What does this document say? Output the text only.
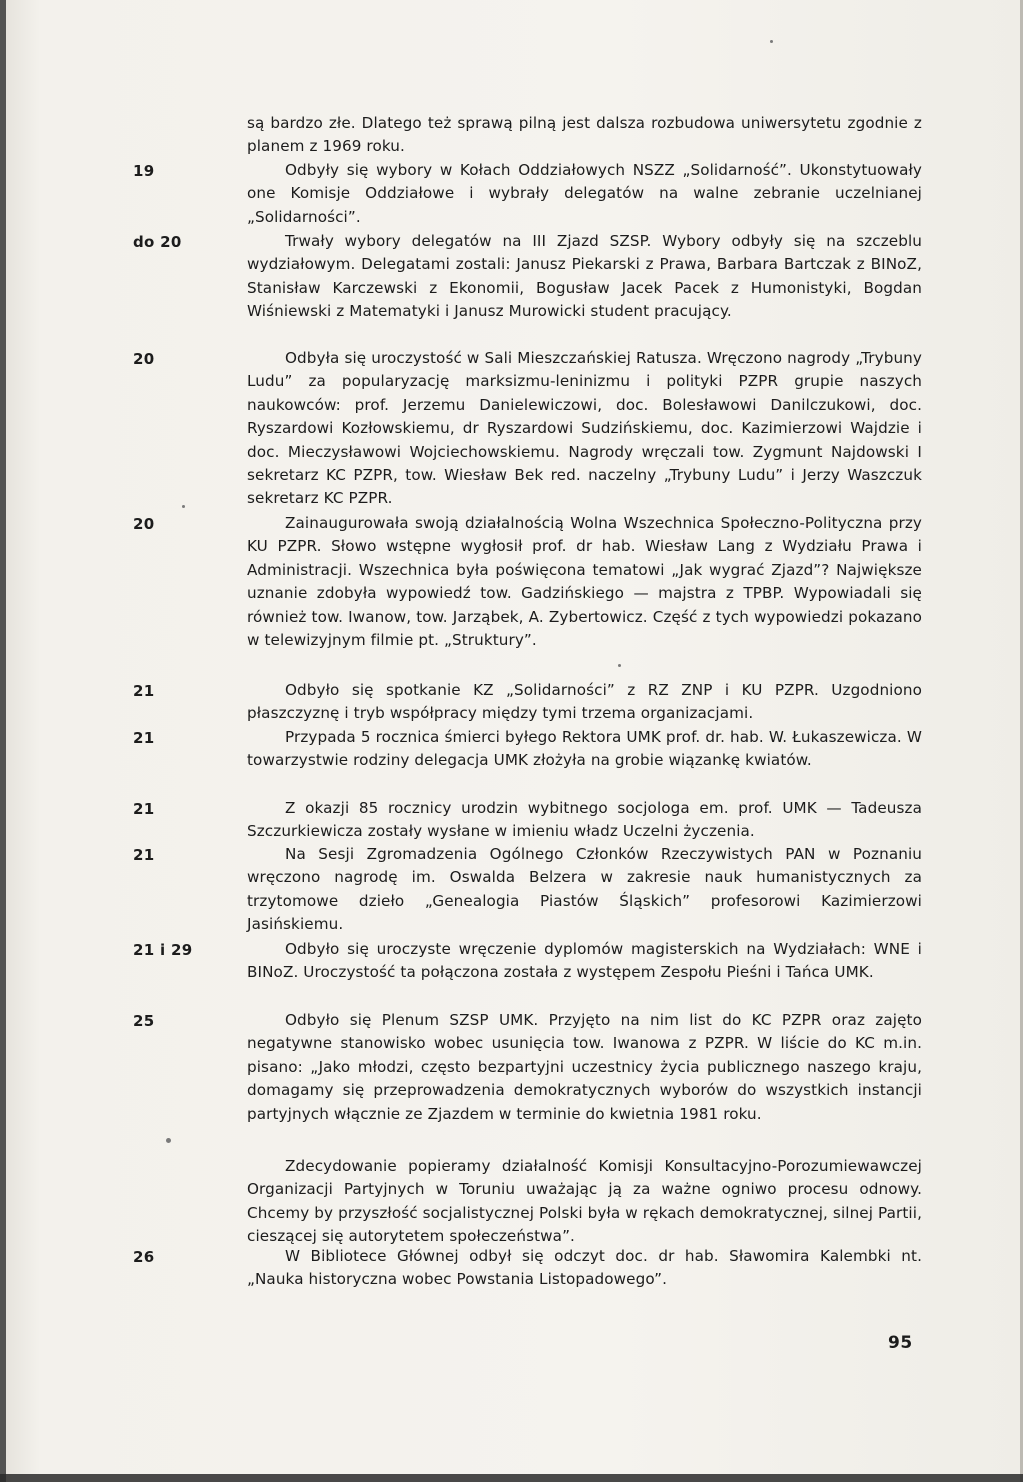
są bardzo złe. Dlatego też sprawą pilną jest dalsza rozbudowa uniwersytetu zgodnie z planem z 1969 roku.
19	Odbyły się wybory w Kołach Oddziałowych NSZZ „Solidarność”. Ukonstytuowały one Komisje Oddziałowe i wybrały delegatów na walne zebranie uczelnianej „Solidarności”.
do 20	Trwały wybory delegatów na III Zjazd SZSP. Wybory odbyły się na szczeblu wydziałowym. Delegatami zostali: Janusz Piekarski z Prawa, Barbara Bartczak z BINoZ, Stanisław Karczewski z Ekonomii, Bogusław Jacek Pacek z Humonistyki, Bogdan Wiśniewski z Matematyki i Janusz Murowicki student pracujący.
20	Odbyła się uroczystość w Sali Mieszczańskiej Ratusza. Wręczono nagrody „Trybuny Ludu” za popularyzację marksizmu-leninizmu i polityki PZPR grupie naszych naukowców: prof. Jerzemu Danielewiczowi, doc. Bolesławowi Danilczukowi, doc. Ryszardowi Kozłowskiemu, dr Ryszardowi Sudzińskiemu, doc. Kazimierzowi Wajdzie i doc. Mieczysławowi Wojciechowskiemu. Nagrody wręczali tow. Zygmunt Najdowski I sekretarz KC PZPR, tow. Wiesław Bek red. naczelny „Trybuny Ludu” i Jerzy Waszczuk sekretarz KC PZPR.
20	Zainaugurowała swoją działalnością Wolna Wszechnica Społeczno-Polityczna przy KU PZPR. Słowo wstępne wygłosił prof. dr hab. Wiesław Lang z Wydziału Prawa i Administracji. Wszechnica była poświęcona tematowi „Jak wygrać Zjazd”? Największe uznanie zdobyła wypowiedź tow. Gadzińskiego — majstra z TPBP. Wypowiadali się również tow. Iwanow, tow. Jarząbek, A. Zybertowicz. Część z tych wypowiedzi pokazano w telewizyjnym filmie pt. „Struktury”.
21	Odbyło się spotkanie KZ „Solidarności” z RZ ZNP i KU PZPR. Uzgodniono płaszczyznę i tryb współpracy między tymi trzema organizacjami.
21	Przypada 5 rocznica śmierci byłego Rektora UMK prof. dr. hab. W. Łukaszewicza. W towarzystwie rodziny delegacja UMK złożyła na grobie wiązankę kwiatów.
21	Z okazji 85 rocznicy urodzin wybitnego socjologa em. prof. UMK — Tadeusza Szczurkiewicza zostały wysłane w imieniu władz Uczelni życzenia.
21	Na Sesji Zgromadzenia Ogólnego Członków Rzeczywistych PAN w Poznaniu wręczono nagrodę im. Oswalda Belzera w zakresie nauk humanistycznych za trzytomowe dzieło „Genealogia Piastów Śląskich” profesorowi Kazimierzowi Jasińskiemu.
21 i 29	Odbyło się uroczyste wręczenie dyplomów magisterskich na Wydziałach: WNE i BINoZ. Uroczystość ta połączona została z występem Zespołu Pieśni i Tańca UMK.
25	Odbyło się Plenum SZSP UMK. Przyjęto na nim list do KC PZPR oraz zajęto negatywne stanowisko wobec usunięcia tow. Iwanowa z PZPR. W liście do KC m.in. pisano: „Jako młodzi, często bezpartyjni uczestnicy życia publicznego naszego kraju, domagamy się przeprowadzenia demokratycznych wyborów do wszystkich instancji partyjnych włącznie ze Zjazdem w terminie do kwietnia 1981 roku.
Zdecydowanie popieramy działalność Komisji Konsultacyjno-Porozumiewawczej Organizacji Partyjnych w Toruniu uważając ją za ważne ogniwo procesu odnowy. Chcemy by przyszłość socjalistycznej Polski była w rękach demokratycznej, silnej Partii, cieszącej się autorytetem społeczeństwa”.
26	W Bibliotece Głównej odbył się odczyt doc. dr hab. Sławomira Kalembki nt. „Nauka historyczna wobec Powstania Listopadowego”.
95
